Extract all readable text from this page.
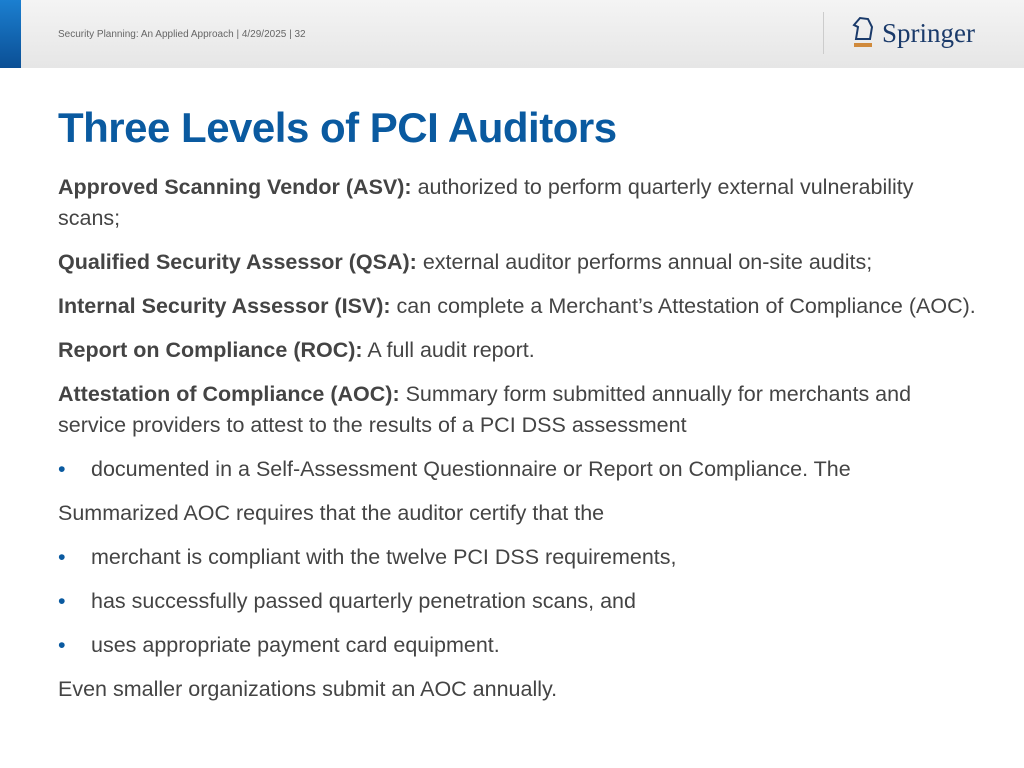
Security Planning: An Applied Approach | 4/29/2025 | 32	Springer
Three Levels of PCI Auditors

Approved Scanning Vendor (ASV): authorized to perform quarterly external vulnerability scans;

Qualified Security Assessor (QSA): external auditor performs annual on-site audits;

Internal Security Assessor (ISV): can complete a Merchant’s Attestation of Compliance (AOC).

Report on Compliance (ROC): A full audit report.

Attestation of Compliance (AOC): Summary form submitted annually for merchants and service providers to attest to the results of a PCI DSS assessment

• documented in a Self-Assessment Questionnaire or Report on Compliance. The

Summarized AOC requires that the auditor certify that the

• merchant is compliant with the twelve PCI DSS requirements,

• has successfully passed quarterly penetration scans, and

• uses appropriate payment card equipment.

Even smaller organizations submit an AOC annually.
